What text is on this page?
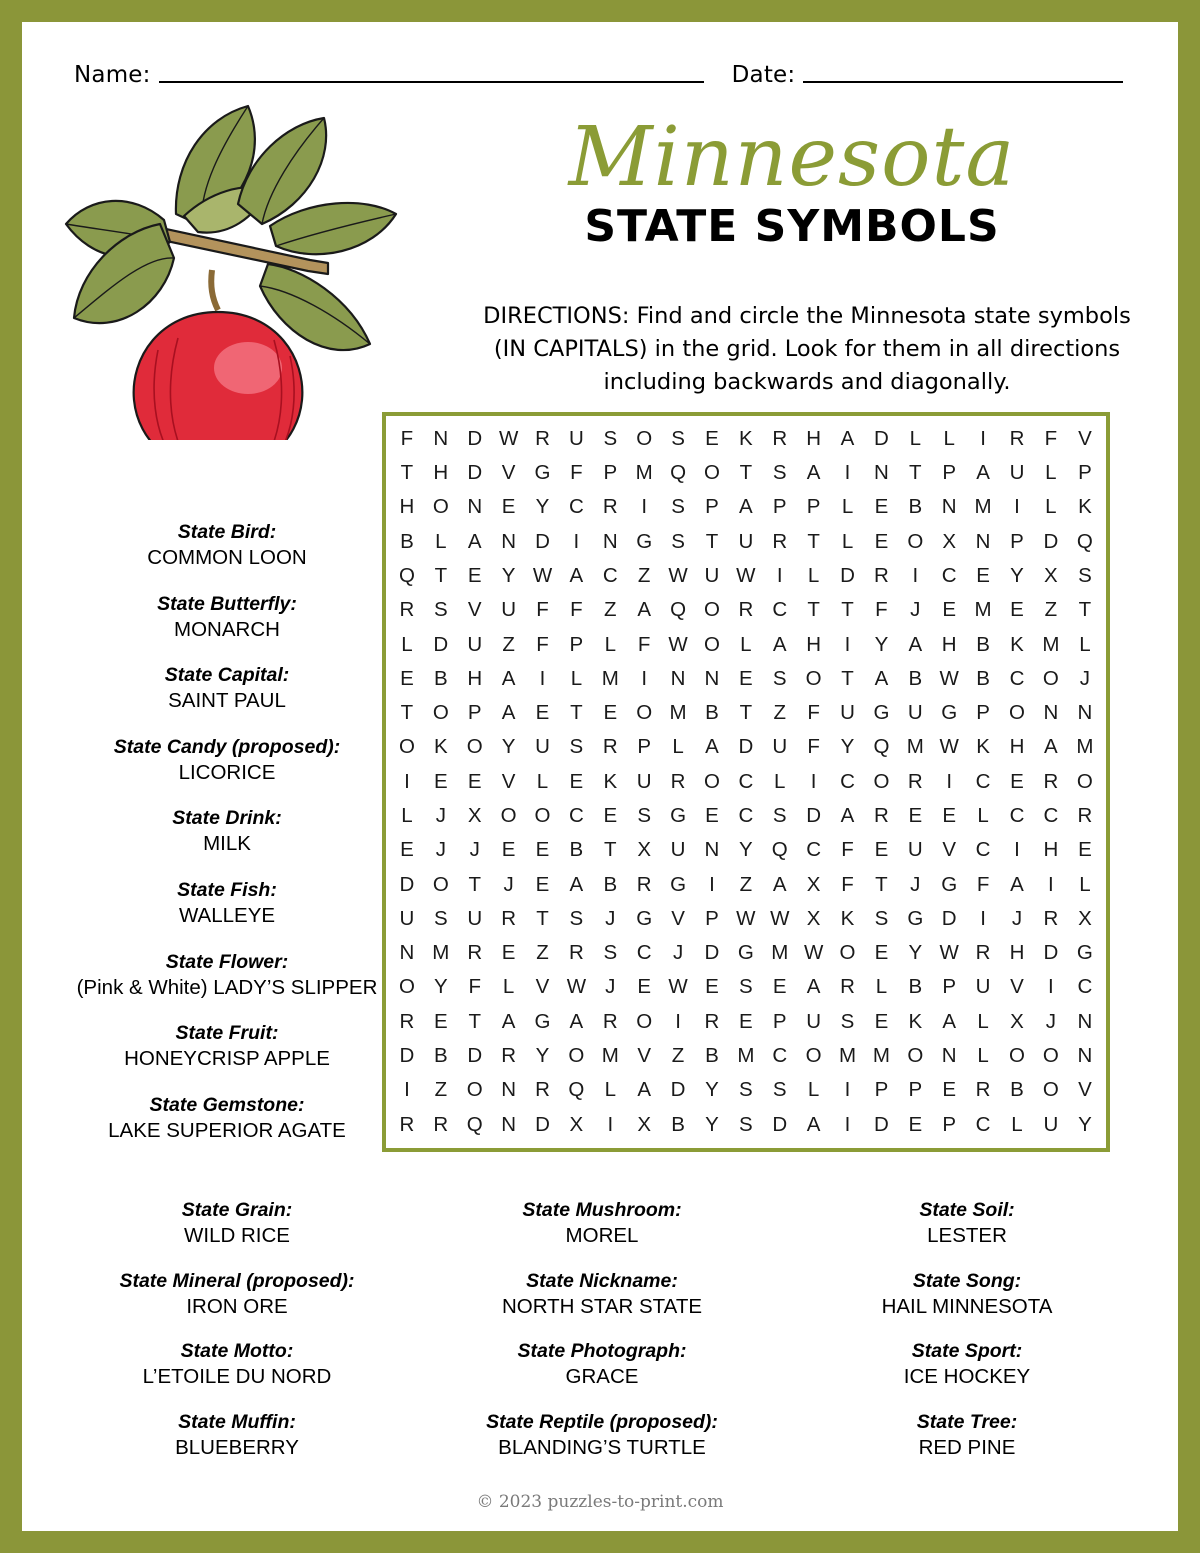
Name:	Date:
Minnesota
STATE SYMBOLS
DIRECTIONS: Find and circle the Minnesota state symbols (IN CAPITALS) in the grid. Look for them in all directions including backwards and diagonally.
F	N	D	W	R	U	S	O	S	E	K	R	H	A	D	L	L	I	R	F	V
T	H	D	V	G	F	P	M	Q	O	T	S	A	I	N	T	P	A	U	L	P
H	O	N	E	Y	C	R	I	S	P	A	P	P	L	E	B	N	M	I	L	K
B	L	A	N	D	I	N	G	S	T	U	R	T	L	E	O	X	N	P	D	Q
Q	T	E	Y	W	A	C	Z	W	U	W	I	L	D	R	I	C	E	Y	X	S
R	S	V	U	F	F	Z	A	Q	O	R	C	T	T	F	J	E	M	E	Z	T
L	D	U	Z	F	P	L	F	W	O	L	A	H	I	Y	A	H	B	K	M	L
E	B	H	A	I	L	M	I	N	N	E	S	O	T	A	B	W	B	C	O	J
T	O	P	A	E	T	E	O	M	B	T	Z	F	U	G	U	G	P	O	N	N
O	K	O	Y	U	S	R	P	L	A	D	U	F	Y	Q	M	W	K	H	A	M
I	E	E	V	L	E	K	U	R	O	C	L	I	C	O	R	I	C	E	R	O
L	J	X	O	O	C	E	S	G	E	C	S	D	A	R	E	E	L	C	C	R
E	J	J	E	E	B	T	X	U	N	Y	Q	C	F	E	U	V	C	I	H	E
D	O	T	J	E	A	B	R	G	I	Z	A	X	F	T	J	G	F	A	I	L
U	S	U	R	T	S	J	G	V	P	W	W	X	K	S	G	D	I	J	R	X
N	M	R	E	Z	R	S	C	J	D	G	M	W	O	E	Y	W	R	H	D	G
O	Y	F	L	V	W	J	E	W	E	S	E	A	R	L	B	P	U	V	I	C
R	E	T	A	G	A	R	O	I	R	E	P	U	S	E	K	A	L	X	J	N
D	B	D	R	Y	O	M	V	Z	B	M	C	O	M	M	O	N	L	O	O	N
I	Z	O	N	R	Q	L	A	D	Y	S	S	L	I	P	P	E	R	B	O	V
R	R	Q	N	D	X	I	X	B	Y	S	D	A	I	D	E	P	C	L	U	Y
State Bird:
COMMON LOON
State Butterfly:
MONARCH
State Capital:
SAINT PAUL
State Candy (proposed):
LICORICE
State Drink:
MILK
State Fish:
WALLEYE
State Flower:
(Pink & White) LADY’S SLIPPER
State Fruit:
HONEYCRISP APPLE
State Gemstone:
LAKE SUPERIOR AGATE
State Grain:
WILD RICE
State Mineral (proposed):
IRON ORE
State Motto:
L’ETOILE DU NORD
State Muffin:
BLUEBERRY
State Mushroom:
MOREL
State Nickname:
NORTH STAR STATE
State Photograph:
GRACE
State Reptile (proposed):
BLANDING’S TURTLE
State Soil:
LESTER
State Song:
HAIL MINNESOTA
State Sport:
ICE HOCKEY
State Tree:
RED PINE
© 2023 puzzles-to-print.com
